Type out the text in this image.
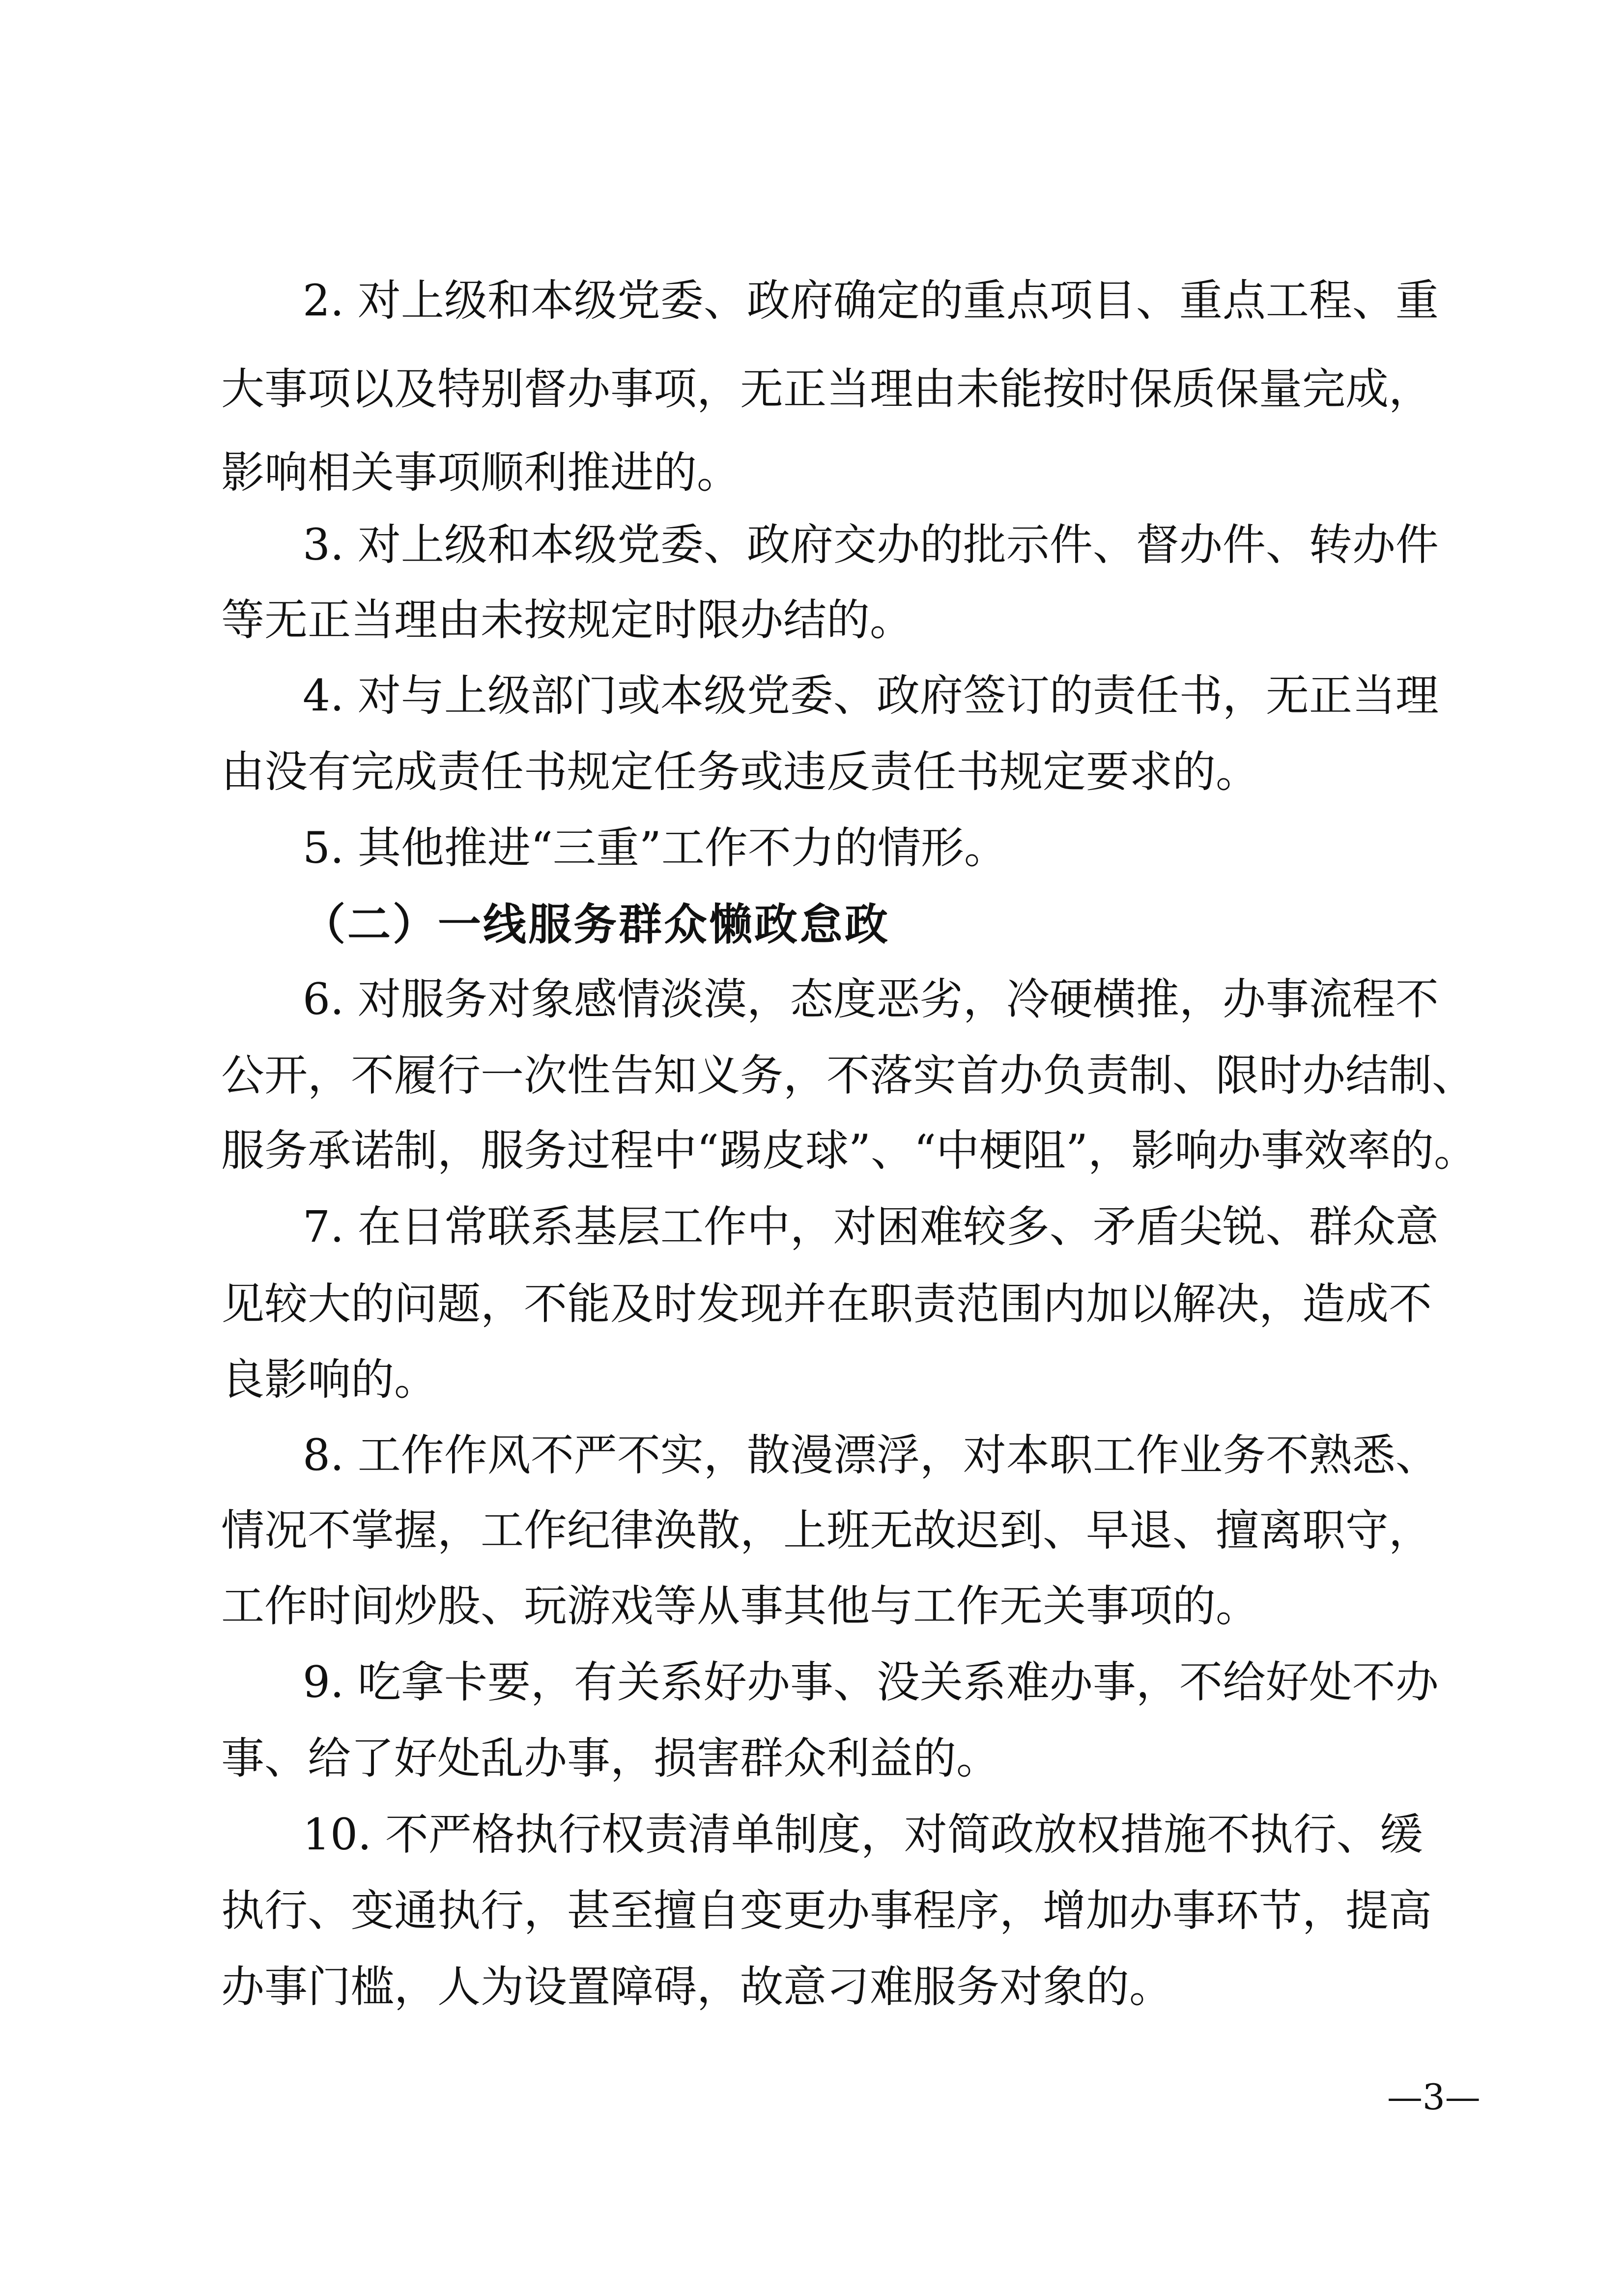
2. 对上级和本级党委、政府确定的重点项目、重点工程、重
大事项以及特别督办事项，无正当理由未能按时保质保量完成，
影响相关事项顺利推进的。
3. 对上级和本级党委、政府交办的批示件、督办件、转办件
等无正当理由未按规定时限办结的。
4. 对与上级部门或本级党委、政府签订的责任书，无正当理
由没有完成责任书规定任务或违反责任书规定要求的。
5. 其他推进“三重”工作不力的情形。
（二）一线服务群众懒政怠政
6. 对服务对象感情淡漠，态度恶劣，冷硬横推，办事流程不
公开，不履行一次性告知义务，不落实首办负责制、限时办结制、
服务承诺制，服务过程中“踢皮球”、“中梗阻”，影响办事效率的。
7. 在日常联系基层工作中，对困难较多、矛盾尖锐、群众意
见较大的问题，不能及时发现并在职责范围内加以解决，造成不
良影响的。
8. 工作作风不严不实，散漫漂浮，对本职工作业务不熟悉、
情况不掌握，工作纪律涣散，上班无故迟到、早退、擅离职守，
工作时间炒股、玩游戏等从事其他与工作无关事项的。
9. 吃拿卡要，有关系好办事、没关系难办事，不给好处不办
事、给了好处乱办事，损害群众利益的。
10. 不严格执行权责清单制度，对简政放权措施不执行、缓
执行、变通执行，甚至擅自变更办事程序，增加办事环节，提高
办事门槛，人为设置障碍，故意刁难服务对象的。
—3—
